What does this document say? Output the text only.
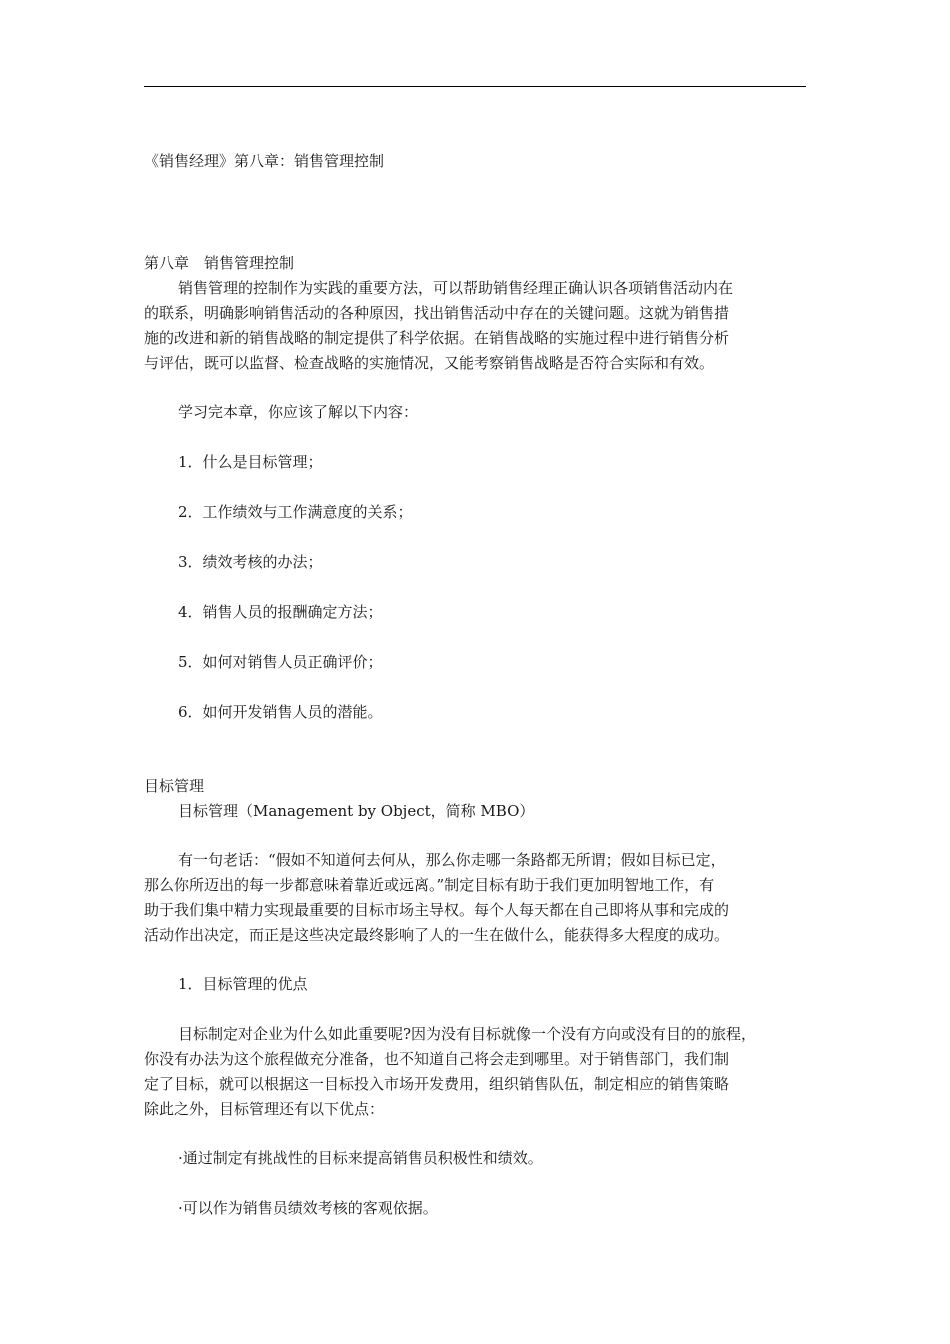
《销售经理》第八章：销售管理控制
第八章　销售管理控制
销售管理的控制作为实践的重要方法，可以帮助销售经理正确认识各项销售活动内在
的联系，明确影响销售活动的各种原因，找出销售活动中存在的关键问题。这就为销售措
施的改进和新的销售战略的制定提供了科学依据。在销售战略的实施过程中进行销售分析
与评估，既可以监督、检查战略的实施情况，又能考察销售战略是否符合实际和有效。
学习完本章，你应该了解以下内容：
1．什么是目标管理；
2．工作绩效与工作满意度的关系；
3．绩效考核的办法；
4．销售人员的报酬确定方法；
5．如何对销售人员正确评价；
6．如何开发销售人员的潜能。
目标管理
目标管理（Management by Object，简称 MBO）
有一句老话：“假如不知道何去何从，那么你走哪一条路都无所谓；假如目标已定，
那么你所迈出的每一步都意味着靠近或远离。”制定目标有助于我们更加明智地工作，有
助于我们集中精力实现最重要的目标市场主导权。每个人每天都在自己即将从事和完成的
活动作出决定，而正是这些决定最终影响了人的一生在做什么，能获得多大程度的成功。
1．目标管理的优点
目标制定对企业为什么如此重要呢?因为没有目标就像一个没有方向或没有目的的旅程，
你没有办法为这个旅程做充分准备，也不知道自己将会走到哪里。对于销售部门，我们制
定了目标，就可以根据这一目标投入市场开发费用，组织销售队伍，制定相应的销售策略
除此之外，目标管理还有以下优点：
·通过制定有挑战性的目标来提高销售员积极性和绩效。
·可以作为销售员绩效考核的客观依据。
